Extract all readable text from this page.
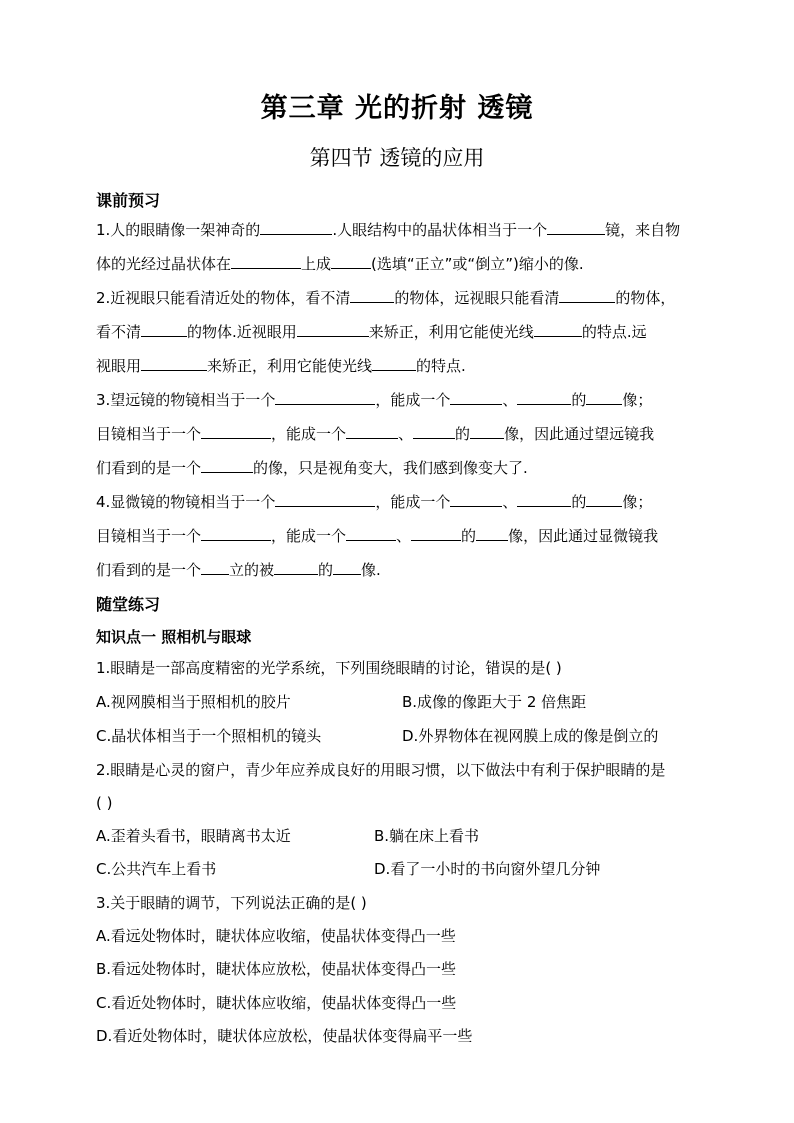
第三章 光的折射 透镜
第四节 透镜的应用
课前预习
1.人的眼睛像一架神奇的	.人眼结构中的晶状体相当于一个	镜，来自物
体的光经过晶状体在	上成	(选填“正立”或“倒立”)缩小的像.
2.近视眼只能看清近处的物体，看不清	的物体，远视眼只能看清	的物体，
看不清	的物体.近视眼用	来矫正，利用它能使光线	的特点.远
视眼用	来矫正，利用它能使光线	的特点.
3.望远镜的物镜相当于一个	，能成一个	、	的 像；
目镜相当于一个	，能成一个	、	的 像，因此通过望远镜我
们看到的是一个	的像，只是视角变大，我们感到像变大了.
4.显微镜的物镜相当于一个	，能成一个	、	的 像；
目镜相当于一个	，能成一个	、	的 像，因此通过显微镜我
们看到的是一个 立的被	的 像.
随堂练习
知识点一 照相机与眼球
1.眼睛是一部高度精密的光学系统，下列围绕眼睛的讨论，错误的是( )
A.视网膜相当于照相机的胶片	B.成像的像距大于 2 倍焦距
C.晶状体相当于一个照相机的镜头	D.外界物体在视网膜上成的像是倒立的
2.眼睛是心灵的窗户，青少年应养成良好的用眼习惯，以下做法中有利于保护眼睛的是
( )
A.歪着头看书，眼睛离书太近	B.躺在床上看书
C.公共汽车上看书	D.看了一小时的书向窗外望几分钟
3.关于眼睛的调节，下列说法正确的是( )
A.看远处物体时，睫状体应收缩，使晶状体变得凸一些
B.看远处物体时，睫状体应放松，使晶状体变得凸一些
C.看近处物体时，睫状体应收缩，使晶状体变得凸一些
D.看近处物体时，睫状体应放松，使晶状体变得扁平一些
